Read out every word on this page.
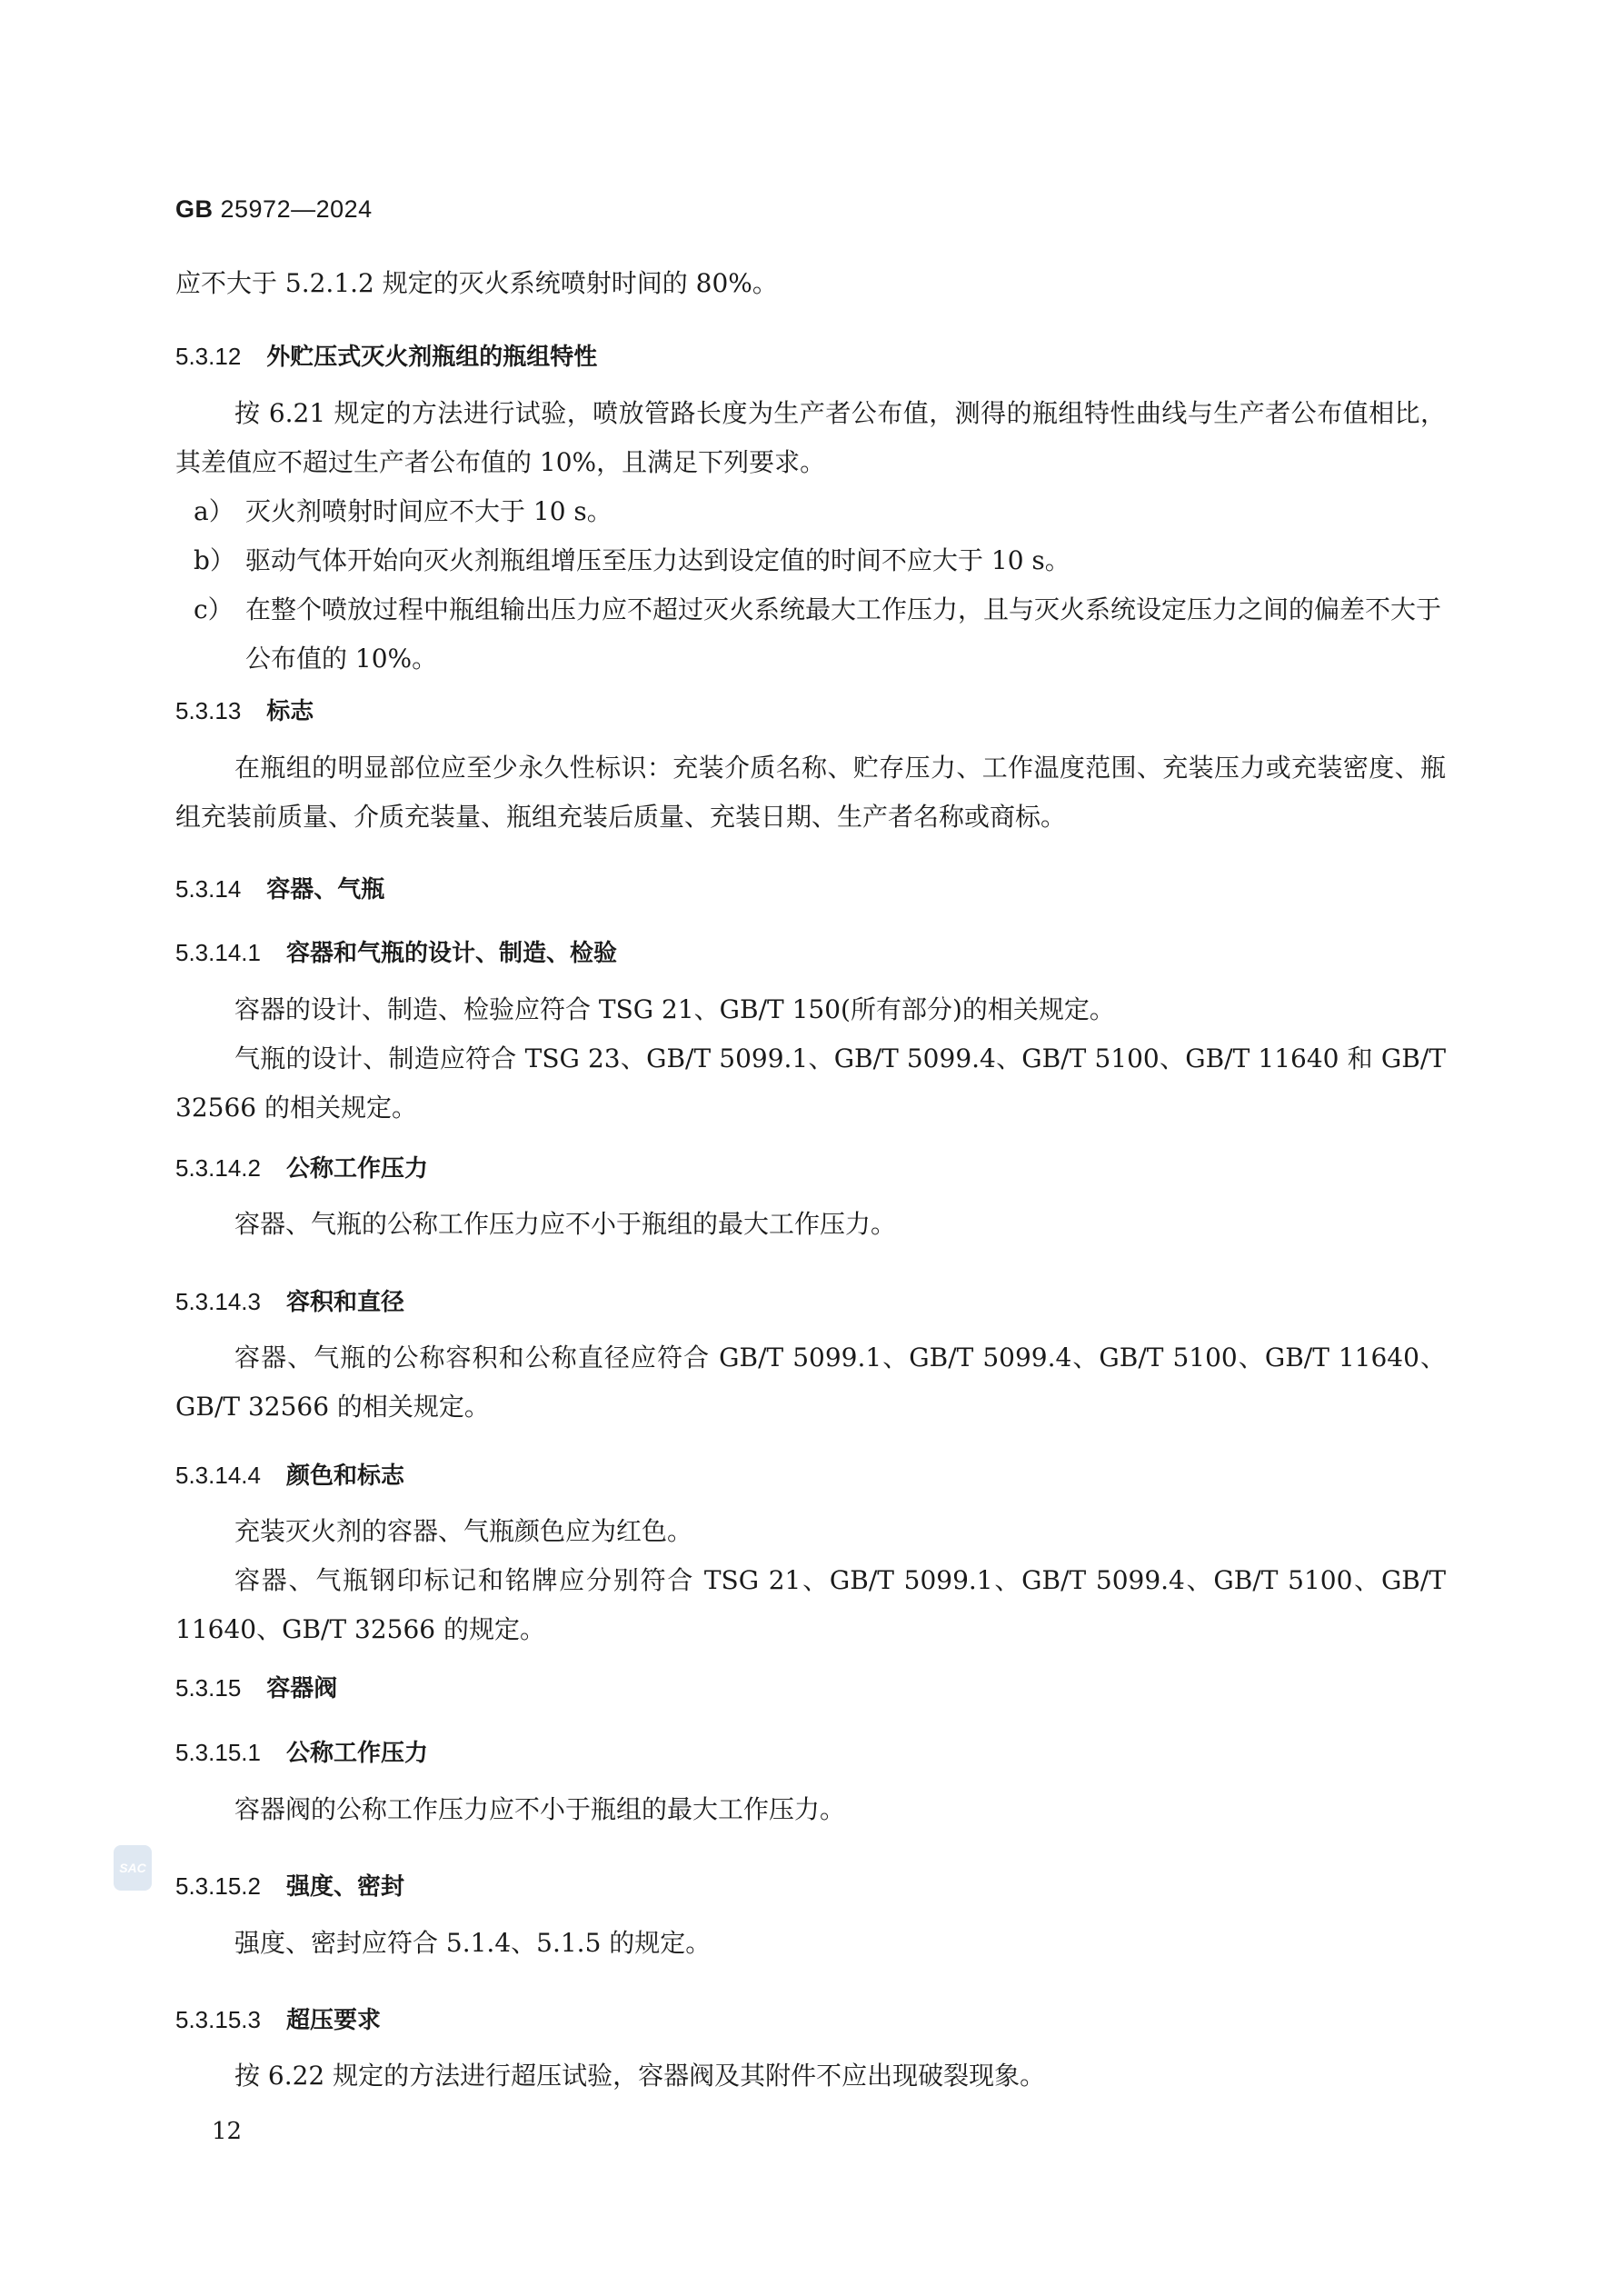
GB 25972—2024

应不大于 5.2.1.2 规定的灭火系统喷射时间的 80%。

5.3.12 外贮压式灭火剂瓶组的瓶组特性

按 6.21 规定的方法进行试验，喷放管路长度为生产者公布值，测得的瓶组特性曲线与生产者公布值相比，其差值应不超过生产者公布值的 10%，且满足下列要求。

a） 灭火剂喷射时间应不大于 10 s。
b） 驱动气体开始向灭火剂瓶组增压至压力达到设定值的时间不应大于 10 s。
c） 在整个喷放过程中瓶组输出压力应不超过灭火系统最大工作压力，且与灭火系统设定压力之间的偏差不大于公布值的 10%。
5.3.13 标志

在瓶组的明显部位应至少永久性标识：充装介质名称、贮存压力、工作温度范围、充装压力或充装密度、瓶组充装前质量、介质充装量、瓶组充装后质量、充装日期、生产者名称或商标。

5.3.14 容器、气瓶
5.3.14.1 容器和气瓶的设计、制造、检验

容器的设计、制造、检验应符合 TSG 21、GB/T 150(所有部分)的相关规定。

气瓶的设计、制造应符合 TSG 23、GB/T 5099.1、GB/T 5099.4、GB/T 5100、GB/T 11640 和 GB/T 32566 的相关规定。

5.3.14.2 公称工作压力

容器、气瓶的公称工作压力应不小于瓶组的最大工作压力。

5.3.14.3 容积和直径

容器、气瓶的公称容积和公称直径应符合 GB/T 5099.1、GB/T 5099.4、GB/T 5100、GB/T 11640、GB/T 32566 的相关规定。

5.3.14.4 颜色和标志

充装灭火剂的容器、气瓶颜色应为红色。

容器、气瓶钢印标记和铭牌应分别符合 TSG 21、GB/T 5099.1、GB/T 5099.4、GB/T 5100、GB/T 11640、GB/T 32566 的规定。

5.3.15 容器阀
5.3.15.1 公称工作压力

容器阀的公称工作压力应不小于瓶组的最大工作压力。

SAC
5.3.15.2 强度、密封

强度、密封应符合 5.1.4、5.1.5 的规定。

5.3.15.3 超压要求

按 6.22 规定的方法进行超压试验，容器阀及其附件不应出现破裂现象。

12
